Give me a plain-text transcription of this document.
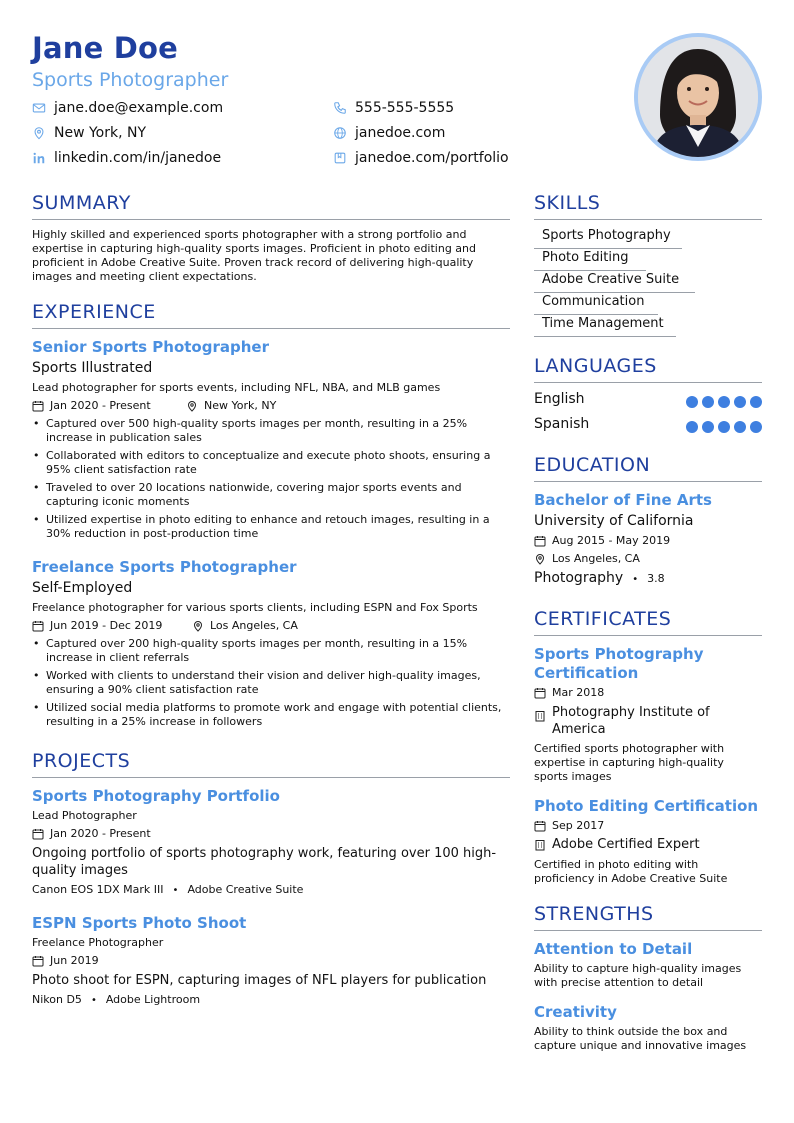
Jane Doe
Sports Photographer
jane.doe@example.com	555-555-5555
New York, NY	janedoe.com
linkedin.com/in/janedoe	janedoe.com/portfolio
SUMMARY
Highly skilled and experienced sports photographer with a strong portfolio and expertise in capturing high-quality sports images. Proficient in photo editing and proficient in Adobe Creative Suite. Proven track record of delivering high-quality images and meeting client expectations.
EXPERIENCE
Senior Sports Photographer
Sports Illustrated
Lead photographer for sports events, including NFL, NBA, and MLB games
Jan 2020 - Present	New York, NY
• Captured over 500 high-quality sports images per month, resulting in a 25% increase in publication sales
• Collaborated with editors to conceptualize and execute photo shoots, ensuring a 95% client satisfaction rate
• Traveled to over 20 locations nationwide, covering major sports events and capturing iconic moments
• Utilized expertise in photo editing to enhance and retouch images, resulting in a 30% reduction in post-production time
Freelance Sports Photographer
Self-Employed
Freelance photographer for various sports clients, including ESPN and Fox Sports
Jun 2019 - Dec 2019	Los Angeles, CA
• Captured over 200 high-quality sports images per month, resulting in a 15% increase in client referrals
• Worked with clients to understand their vision and deliver high-quality images, ensuring a 90% client satisfaction rate
• Utilized social media platforms to promote work and engage with potential clients, resulting in a 25% increase in followers
PROJECTS
Sports Photography Portfolio
Lead Photographer
Jan 2020 - Present
Ongoing portfolio of sports photography work, featuring over 100 high-quality images
Canon EOS 1DX Mark III • Adobe Creative Suite
ESPN Sports Photo Shoot
Freelance Photographer
Jun 2019
Photo shoot for ESPN, capturing images of NFL players for publication
Nikon D5 • Adobe Lightroom
SKILLS
Sports Photography
Photo Editing
Adobe Creative Suite
Communication
Time Management
LANGUAGES
English
Spanish
EDUCATION
Bachelor of Fine Arts
University of California
Aug 2015 - May 2019
Los Angeles, CA
Photography • 3.8
CERTIFICATES
Sports Photography Certification
Mar 2018
Photography Institute of America
Certified sports photographer with expertise in capturing high-quality sports images
Photo Editing Certification
Sep 2017
Adobe Certified Expert
Certified in photo editing with proficiency in Adobe Creative Suite
STRENGTHS
Attention to Detail
Ability to capture high-quality images with precise attention to detail
Creativity
Ability to think outside the box and capture unique and innovative images
